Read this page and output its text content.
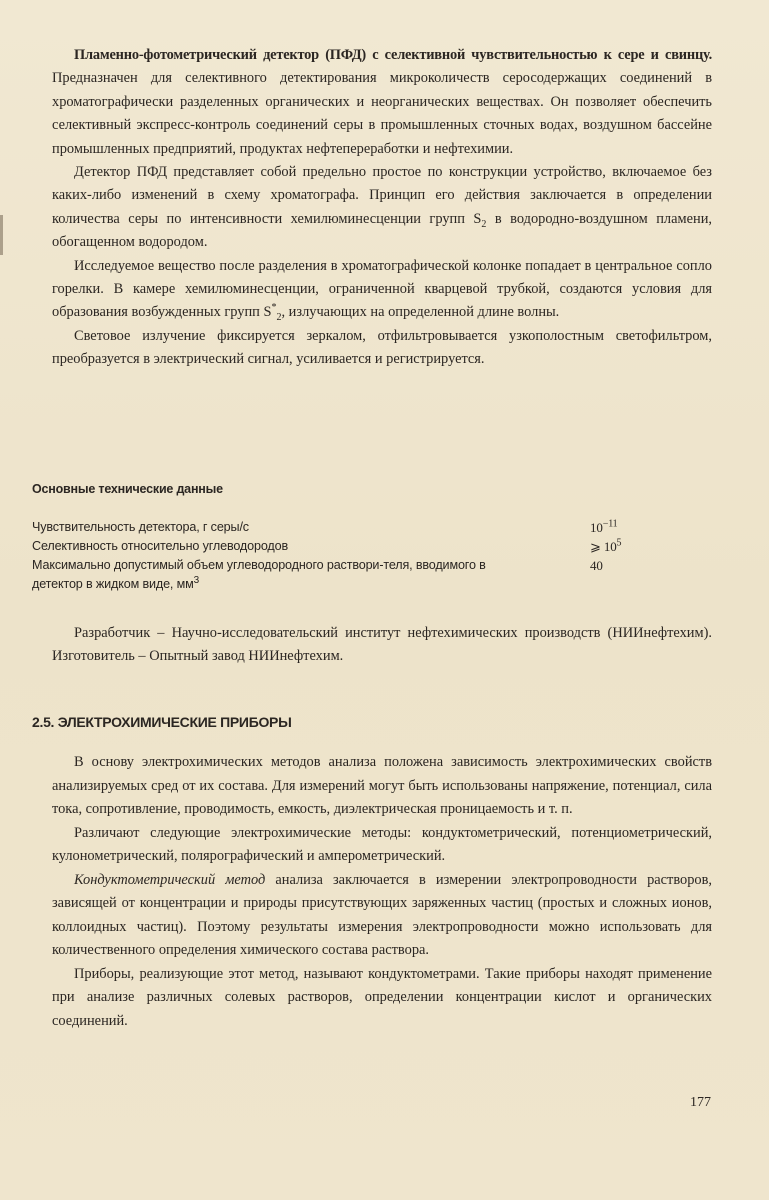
Пламенно-фотометрический детектор (ПФД) с селективной чувствительностью к сере и свинцу. Предназначен для селективного детектирования микроколичеств серосодержащих соединений в хроматографически разделенных органических и неорганических веществах. Он позволяет обеспечить селективный экспресс-контроль соединений серы в промышленных сточных водах, воздушном бассейне промышленных предприятий, продуктах нефтепереработки и нефтехимии.

Детектор ПФД представляет собой предельно простое по конструкции устройство, включаемое без каких-либо изменений в схему хроматографа. Принцип его действия заключается в определении количества серы по интенсивности хемилюминесценции групп $S_2$ в водородно-воздушном пламени, обогащенном водородом.

Исследуемое вещество после разделения в хроматографической колонке попадает в центральное сопло горелки. В камере хемилюминесценции, ограниченной кварцевой трубкой, создаются условия для образования возбужденных групп $S^*_2$, излучающих на определенной длине волны.

Световое излучение фиксируется зеркалом, отфильтровывается узкополостным светофильтром, преобразуется в электрический сигнал, усиливается и регистрируется.

Основные технические данные
Чувствительность детектора, г серы/с	$10^{-11}$
Селективность относительно углеводородов	⩾ $10^5$
Максимально допустимый объем углеводородного раствори-теля, вводимого в детектор в жидком виде, $мм^3$
40

Разработчик – Научно-исследовательский институт нефтехимических производств (НИИнефтехим). Изготовитель – Опытный завод НИИнефтехим.

2.5. ЭЛЕКТРОХИМИЧЕСКИЕ ПРИБОРЫ

В основу электрохимических методов анализа положена зависимость электрохимических свойств анализируемых сред от их состава. Для измерений могут быть использованы напряжение, потенциал, сила тока, сопротивление, проводимость, емкость, диэлектрическая проницаемость и т. п.

Различают следующие электрохимические методы: кондуктометрический, потенциометрический, кулонометрический, полярографический и амперометрический.

Кондуктометрический метод анализа заключается в измерении электропроводности растворов, зависящей от концентрации и природы присутствующих заряженных частиц (простых и сложных ионов, коллоидных частиц). Поэтому результаты измерения электропроводности можно использовать для количественного определения химического состава раствора.

Приборы, реализующие этот метод, называют кондуктометрами. Такие приборы находят применение при анализе различных солевых растворов, определении концентрации кислот и органических соединений.

177
